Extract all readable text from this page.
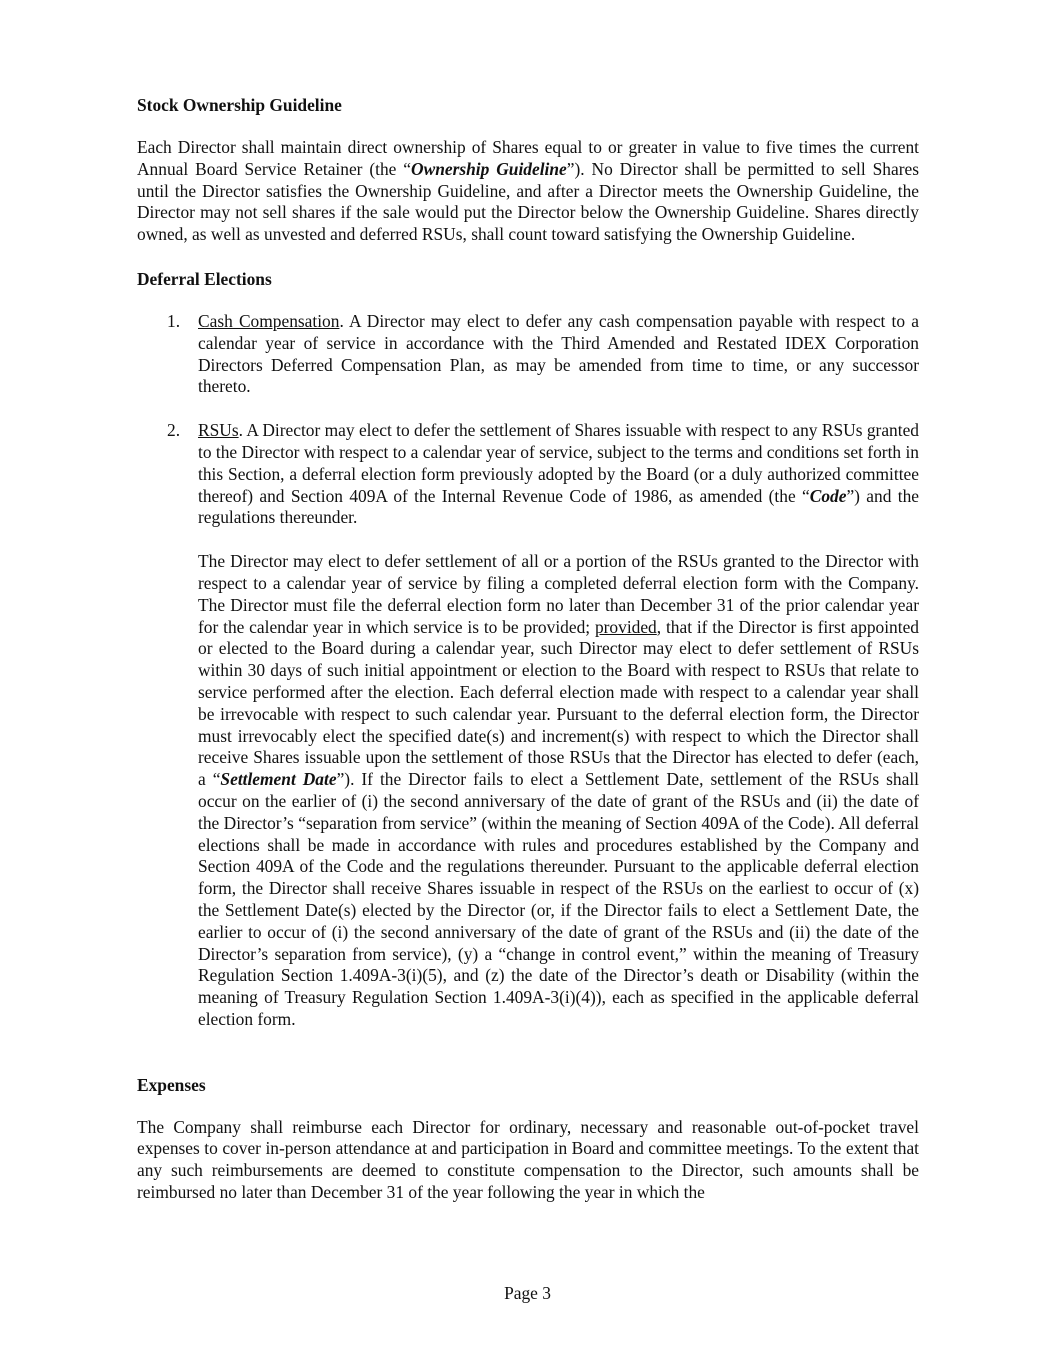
Stock Ownership Guideline

Each Director shall maintain direct ownership of Shares equal to or greater in value to five times the current Annual Board Service Retainer (the “Ownership Guideline”). No Director shall be permitted to sell Shares until the Director satisfies the Ownership Guideline, and after a Director meets the Ownership Guideline, the Director may not sell shares if the sale would put the Director below the Ownership Guideline. Shares directly owned, as well as unvested and deferred RSUs, shall count toward satisfying the Ownership Guideline.

Deferral Elections
1.	Cash Compensation. A Director may elect to defer any cash compensation payable with respect to a calendar year of service in accordance with the Third Amended and Restated IDEX Corporation Directors Deferred Compensation Plan, as may be amended from time to time, or any successor thereto.

2.	RSUs. A Director may elect to defer the settlement of Shares issuable with respect to any RSUs granted to the Director with respect to a calendar year of service, subject to the terms and conditions set forth in this Section, a deferral election form previously adopted by the Board (or a duly authorized committee thereof) and Section 409A of the Internal Revenue Code of 1986, as amended (the “Code”) and the regulations thereunder.

The Director may elect to defer settlement of all or a portion of the RSUs granted to the Director with respect to a calendar year of service by filing a completed deferral election form with the Company. The Director must file the deferral election form no later than December 31 of the prior calendar year for the calendar year in which service is to be provided; provided, that if the Director is first appointed or elected to the Board during a calendar year, such Director may elect to defer settlement of RSUs within 30 days of such initial appointment or election to the Board with respect to RSUs that relate to service performed after the election. Each deferral election made with respect to a calendar year shall be irrevocable with respect to such calendar year. Pursuant to the deferral election form, the Director must irrevocably elect the specified date(s) and increment(s) with respect to which the Director shall receive Shares issuable upon the settlement of those RSUs that the Director has elected to defer (each, a “Settlement Date”). If the Director fails to elect a Settlement Date, settlement of the RSUs shall occur on the earlier of (i) the second anniversary of the date of grant of the RSUs and (ii) the date of the Director’s “separation from service” (within the meaning of Section 409A of the Code). All deferral elections shall be made in accordance with rules and procedures established by the Company and Section 409A of the Code and the regulations thereunder. Pursuant to the applicable deferral election form, the Director shall receive Shares issuable in respect of the RSUs on the earliest to occur of (x) the Settlement Date(s) elected by the Director (or, if the Director fails to elect a Settlement Date, the earlier to occur of (i) the second anniversary of the date of grant of the RSUs and (ii) the date of the Director’s separation from service), (y) a “change in control event,” within the meaning of Treasury Regulation Section 1.409A-3(i)(5), and (z) the date of the Director’s death or Disability (within the meaning of Treasury Regulation Section 1.409A-3(i)(4)), each as specified in the applicable deferral election form.

Expenses

The Company shall reimburse each Director for ordinary, necessary and reasonable out-of-pocket travel expenses to cover in-person attendance at and participation in Board and committee meetings. To the extent that any such reimbursements are deemed to constitute compensation to the Director, such amounts shall be reimbursed no later than December 31 of the year following the year in which the

Page 3
